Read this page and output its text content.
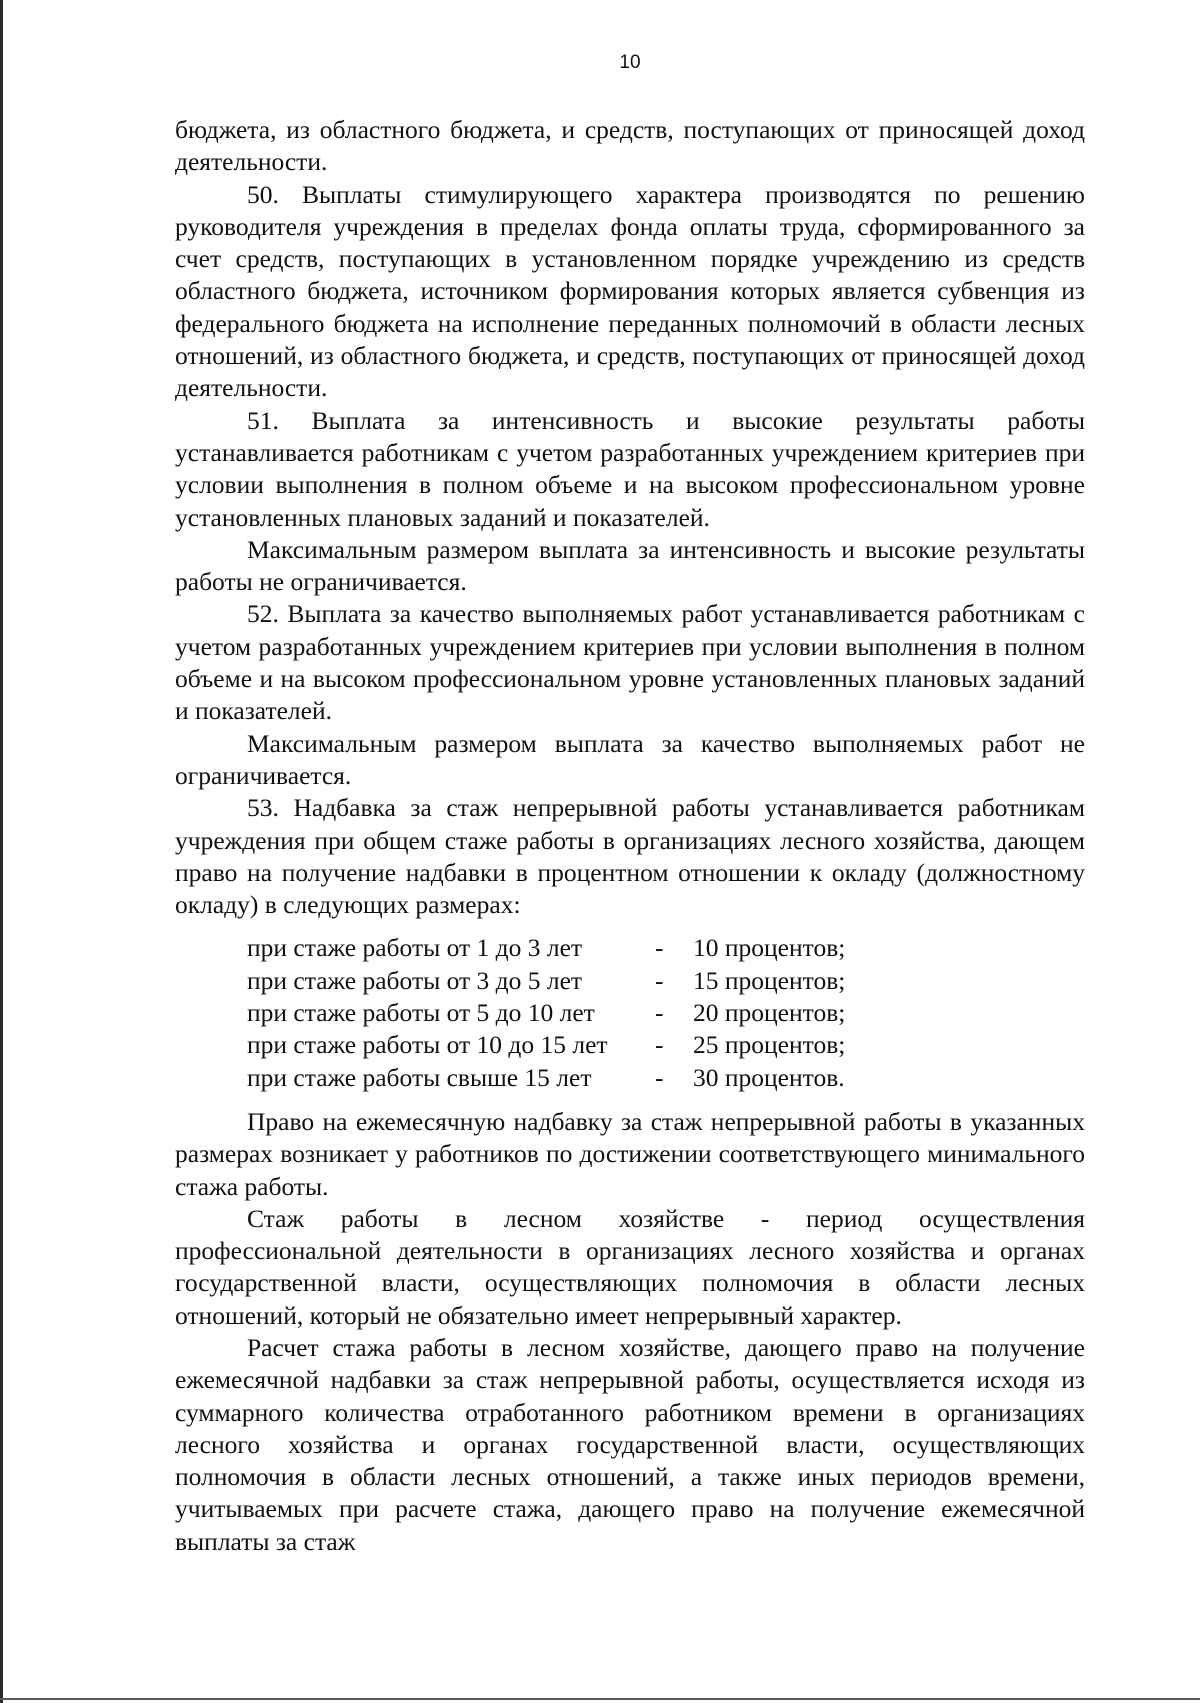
10

бюджета, из областного бюджета, и средств, поступающих от приносящей доход деятельности.

50. Выплаты стимулирующего характера производятся по решению руководителя учреждения в пределах фонда оплаты труда, сформированного за счет средств, поступающих в установленном порядке учреждению из средств областного бюджета, источником формирования которых является субвенция из федерального бюджета на исполнение переданных полномочий в области лесных отношений, из областного бюджета, и средств, поступающих от приносящей доход деятельности.

51. Выплата за интенсивность и высокие результаты работы устанавливается работникам с учетом разработанных учреждением критериев при условии выполнения в полном объеме и на высоком профессиональном уровне установленных плановых заданий и показателей.

Максимальным размером выплата за интенсивность и высокие результаты работы не ограничивается.

52. Выплата за качество выполняемых работ устанавливается работникам с учетом разработанных учреждением критериев при условии выполнения в полном объеме и на высоком профессиональном уровне установленных плановых заданий и показателей.

Максимальным размером выплата за качество выполняемых работ не ограничивается.

53. Надбавка за стаж непрерывной работы устанавливается работникам учреждения при общем стаже работы в организациях лесного хозяйства, дающем право на получение надбавки в процентном отношении к окладу (должностному окладу) в следующих размерах:

при стаже работы от 1 до 3 лет	-	10 процентов;
при стаже работы от 3 до 5 лет	-	15 процентов;
при стаже работы от 5 до 10 лет	-	20 процентов;
при стаже работы от 10 до 15 лет	-	25 процентов;
при стаже работы свыше 15 лет	-	30 процентов.

Право на ежемесячную надбавку за стаж непрерывной работы в указанных размерах возникает у работников по достижении соответствующего минимального стажа работы.

Стаж работы в лесном хозяйстве - период осуществления профессиональной деятельности в организациях лесного хозяйства и органах государственной власти, осуществляющих полномочия в области лесных отношений, который не обязательно имеет непрерывный характер.

Расчет стажа работы в лесном хозяйстве, дающего право на получение ежемесячной надбавки за стаж непрерывной работы, осуществляется исходя из суммарного количества отработанного работником времени в организациях лесного хозяйства и органах государственной власти, осуществляющих полномочия в области лесных отношений, а также иных периодов времени, учитываемых при расчете стажа, дающего право на получение ежемесячной выплаты за стаж
